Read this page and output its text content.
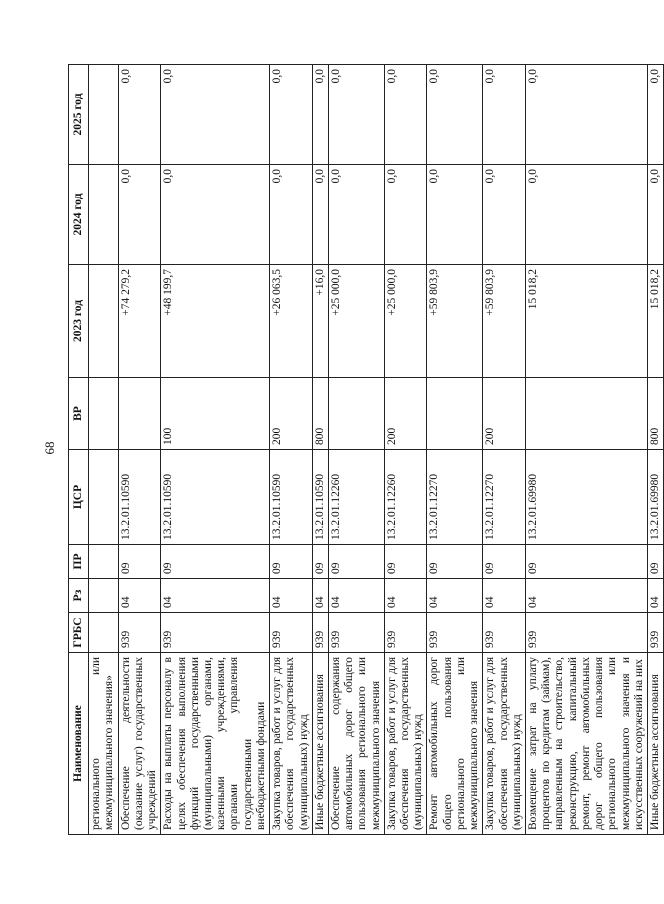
68
Наименование	ГРБС	Рз	ПР	ЦСР	ВР	2023 год	2024 год	2025 год
регионального или межмуниципального значения»								
Обеспечение деятельности (оказание услуг) государственных учреждений	939	04	09	13.2.01.10590		+74 279,2	0,0	0,0
Расходы на выплаты персоналу в целях обеспечения выполнения функций государственными (муниципальными) органами, казенными учреждениями, органами управления государственными внебюджетными фондами	939	04	09	13.2.01.10590	100	+48 199,7	0,0	0,0
Закупка товаров, работ и услуг для обеспечения государственных (муниципальных) нужд	939	04	09	13.2.01.10590	200	+26 063,5	0,0	0,0
Иные бюджетные ассигнования	939	04	09	13.2.01.10590	800	+16,0	0,0	0,0
Обеспечение содержания автомобильных дорог общего пользования регионального или межмуниципального значения	939	04	09	13.2.01.12260		+25 000,0	0,0	0,0
Закупка товаров, работ и услуг для обеспечения государственных (муниципальных) нужд	939	04	09	13.2.01.12260	200	+25 000,0	0,0	0,0
Ремонт автомобильных дорог общего пользования регионального или межмуниципального значения	939	04	09	13.2.01.12270		+59 803,9	0,0	0,0
Закупка товаров, работ и услуг для обеспечения государственных (муниципальных) нужд	939	04	09	13.2.01.12270	200	+59 803,9	0,0	0,0
Возмещение затрат на уплату процентов по кредитам (займам), направленным на строительство, реконструкцию, капитальный ремонт, ремонт автомобильных дорог общего пользования регионального или межмуниципального значения и искусственных сооружений на них	939	04	09	13.2.01.69980		15 018,2	0,0	0,0
Иные бюджетные ассигнования	939	04	09	13.2.01.69980	800	15 018,2	0,0	0,0
